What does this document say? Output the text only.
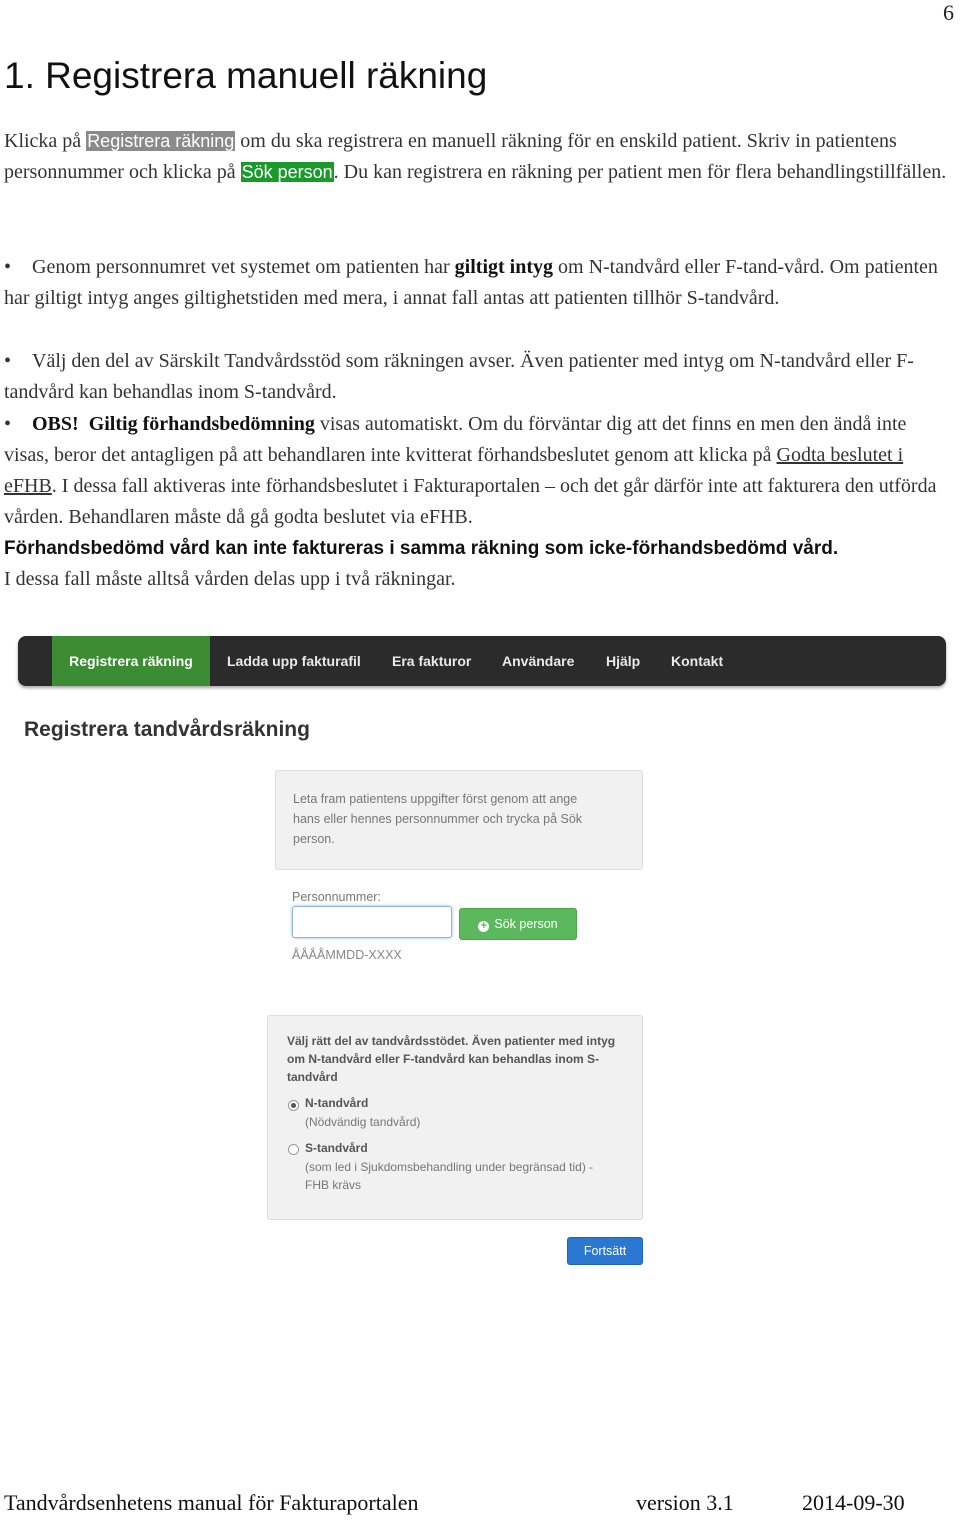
6
1. Registrera manuell räkning
Klicka på Registrera räkning om du ska registrera en manuell räkning för en enskild patient. Skriv in patientens personnummer och klicka på Sök person. Du kan registrera en räkning per patient men för flera behandlingstillfällen.
• Genom personnumret vet systemet om patienten har giltigt intyg om N-tandvård eller F-tand-vård. Om patienten har giltigt intyg anges giltighetstiden med mera, i annat fall antas att patienten tillhör S-tandvård.
• Välj den del av Särskilt Tandvårdsstöd som räkningen avser. Även patienter med intyg om N-tandvård eller F-tandvård kan behandlas inom S-tandvård.
• OBS! Giltig förhandsbedömning visas automatiskt. Om du förväntar dig att det finns en men den ändå inte visas, beror det antagligen på att behandlaren inte kvitterat förhandsbeslutet genom att klicka på Godta beslutet i eFHB. I dessa fall aktiveras inte förhandsbeslutet i Fakturaportalen – och det går därför inte att fakturera den utförda vården. Behandlaren måste då gå godta beslutet via eFHB.
Förhandsbedömd vård kan inte faktureras i samma räkning som icke-förhandsbedömd vård.
I dessa fall måste alltså vården delas upp i två räkningar.
Registrera räkning	Ladda upp fakturafil Era fakturor Användare Hjälp Kontakt
Registrera tandvårdsräkning
Leta fram patientens uppgifter först genom att ange hans eller hennes personnummer och trycka på Sök person.
Personnummer:
+ Sök person
ÅÅÅÅMMDD-XXXX
Välj rätt del av tandvårdsstödet. Även patienter med intyg om N-tandvård eller F-tandvård kan behandlas inom S-tandvård
N-tandvård
(Nödvändig tandvård)
S-tandvård
(som led i Sjukdomsbehandling under begränsad tid) - FHB krävs
Fortsätt
Tandvårdsenhetens manual för Fakturaportalen	version 3.1	2014-09-30
